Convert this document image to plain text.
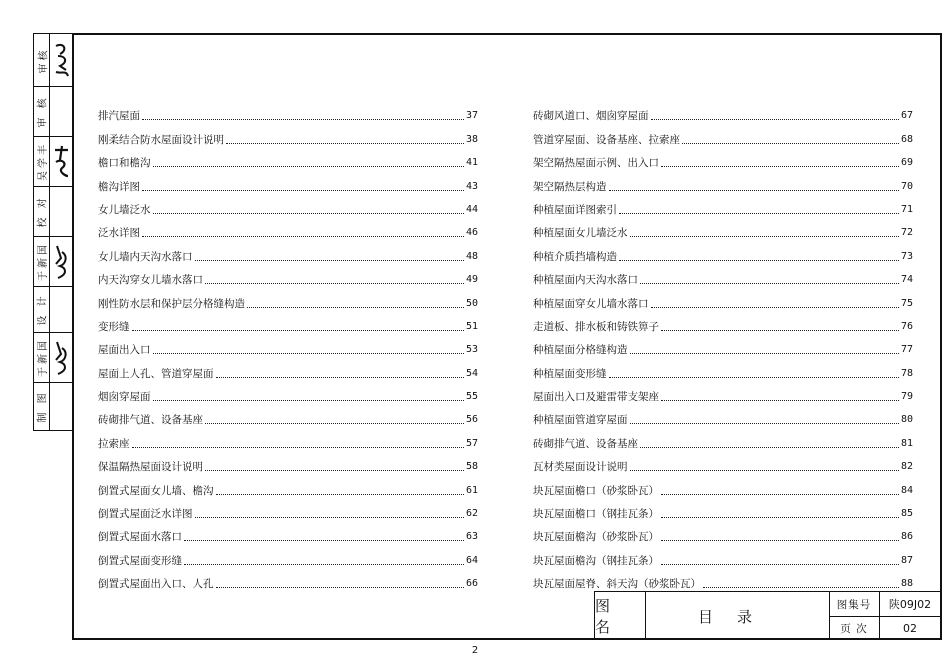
审核
审 核
吴学丰
校 对
于新国
设 计
于新国
制 图
排汽屋面	37
刚柔结合防水屋面设计说明	38
檐口和檐沟	41
檐沟详图	43
女儿墙泛水	44
泛水详图	46
女儿墙内天沟水落口	48
内天沟穿女儿墙水落口	49
刚性防水层和保护层分格缝构造	50
变形缝	51
屋面出入口	53
屋面上人孔、管道穿屋面	54
烟囱穿屋面	55
砖砌排气道、设备基座	56
拉索座	57
保温隔热屋面设计说明	58
倒置式屋面女儿墙、檐沟	61
倒置式屋面泛水详图	62
倒置式屋面水落口	63
倒置式屋面变形缝	64
倒置式屋面出入口、人孔	66
砖砌风道口、烟囱穿屋面	67
管道穿屋面、设备基座、拉索座	68
架空隔热屋面示例、出入口	69
架空隔热层构造	70
种植屋面详图索引	71
种植屋面女儿墙泛水	72
种植介质挡墙构造	73
种植屋面内天沟水落口	74
种植屋面穿女儿墙水落口	75
走道板、排水板和铸铁箅子	76
种植屋面分格缝构造	77
种植屋面变形缝	78
屋面出入口及避雷带支架座	79
种植屋面管道穿屋面	80
砖砌排气道、设备基座	81
瓦材类屋面设计说明	82
块瓦屋面檐口（砂浆卧瓦）	84
块瓦屋面檐口（钢挂瓦条）	85
块瓦屋面檐沟（砂浆卧瓦）	86
块瓦屋面檐沟（钢挂瓦条）	87
块瓦屋面屋脊、斜天沟（砂浆卧瓦）	88
图 名
目录
图集号 陕09J02
页 次	02
2
